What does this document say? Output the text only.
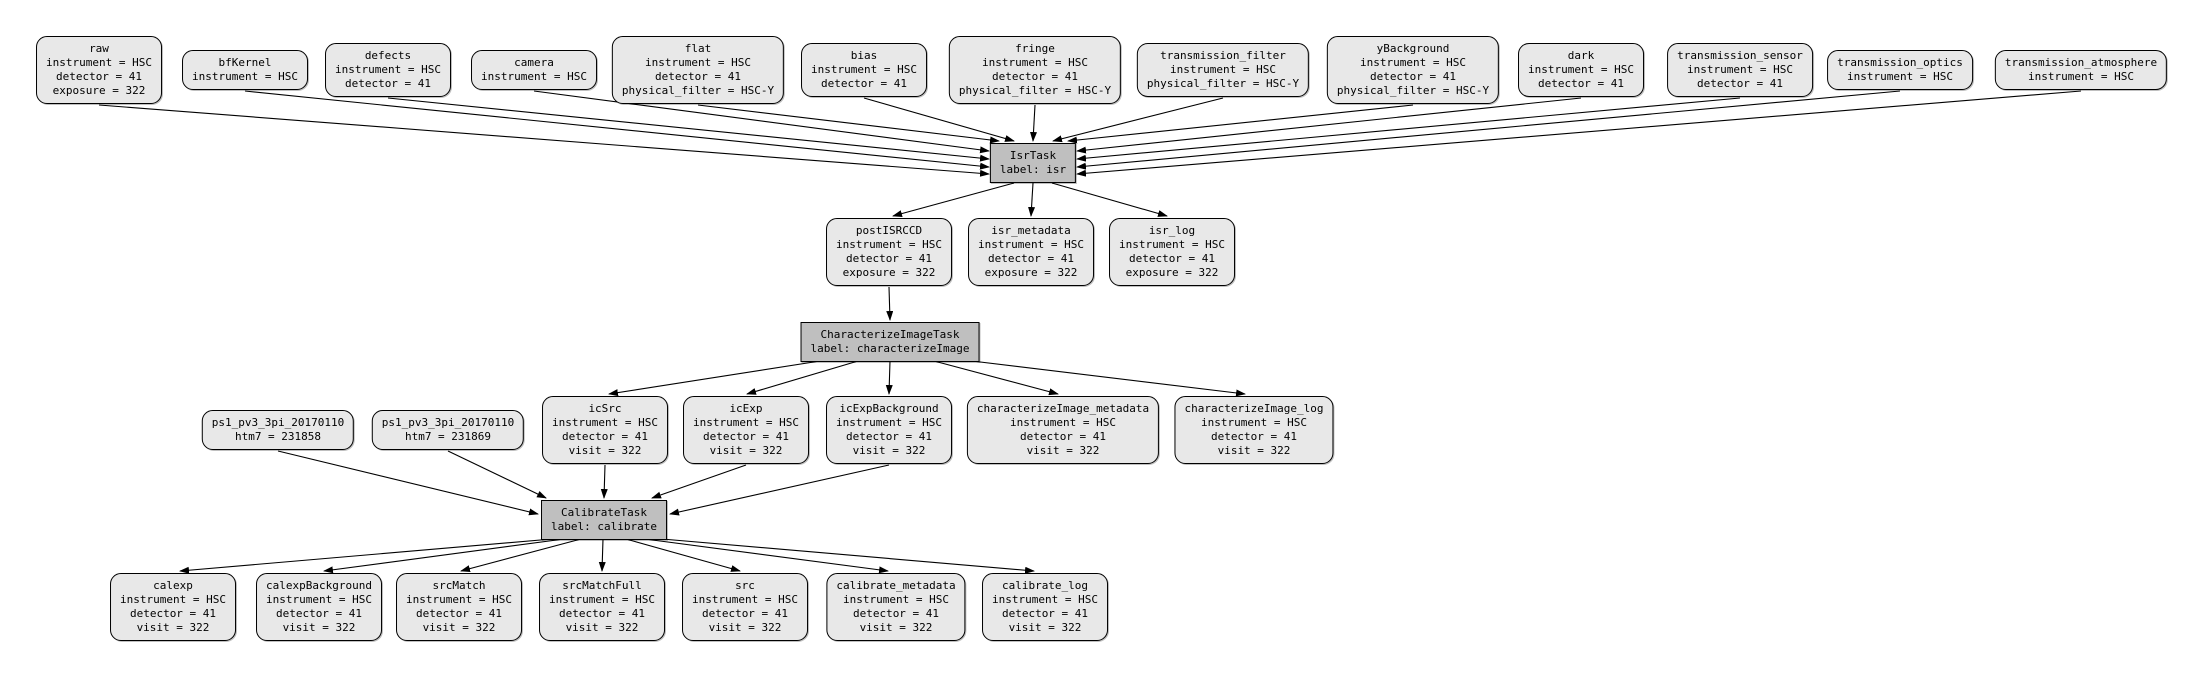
raw
instrument = HSC
detector = 41
exposure = 322
bfKernel
instrument = HSC
defects
instrument = HSC
detector = 41
camera
instrument = HSC
flat
instrument = HSC
detector = 41
physical_filter = HSC-Y
bias
instrument = HSC
detector = 41
fringe
instrument = HSC
detector = 41
physical_filter = HSC-Y
transmission_filter
instrument = HSC
physical_filter = HSC-Y
yBackground
instrument = HSC
detector = 41
physical_filter = HSC-Y
dark
instrument = HSC
detector = 41
transmission_sensor
instrument = HSC
detector = 41
transmission_optics
instrument = HSC
transmission_atmosphere
instrument = HSC
IsrTask
label: isr
postISRCCD
instrument = HSC
detector = 41
exposure = 322
isr_metadata
instrument = HSC
detector = 41
exposure = 322
isr_log
instrument = HSC
detector = 41
exposure = 322
CharacterizeImageTask
label: characterizeImage
ps1_pv3_3pi_20170110
htm7 = 231858
ps1_pv3_3pi_20170110
htm7 = 231869
icSrc
instrument = HSC
detector = 41
visit = 322
icExp
instrument = HSC
detector = 41
visit = 322
icExpBackground
instrument = HSC
detector = 41
visit = 322
characterizeImage_metadata
instrument = HSC
detector = 41
visit = 322
characterizeImage_log
instrument = HSC
detector = 41
visit = 322
CalibrateTask
label: calibrate
calexp
instrument = HSC
detector = 41
visit = 322
calexpBackground
instrument = HSC
detector = 41
visit = 322
srcMatch
instrument = HSC
detector = 41
visit = 322
srcMatchFull
instrument = HSC
detector = 41
visit = 322
src
instrument = HSC
detector = 41
visit = 322
calibrate_metadata
instrument = HSC
detector = 41
visit = 322
calibrate_log
instrument = HSC
detector = 41
visit = 322
